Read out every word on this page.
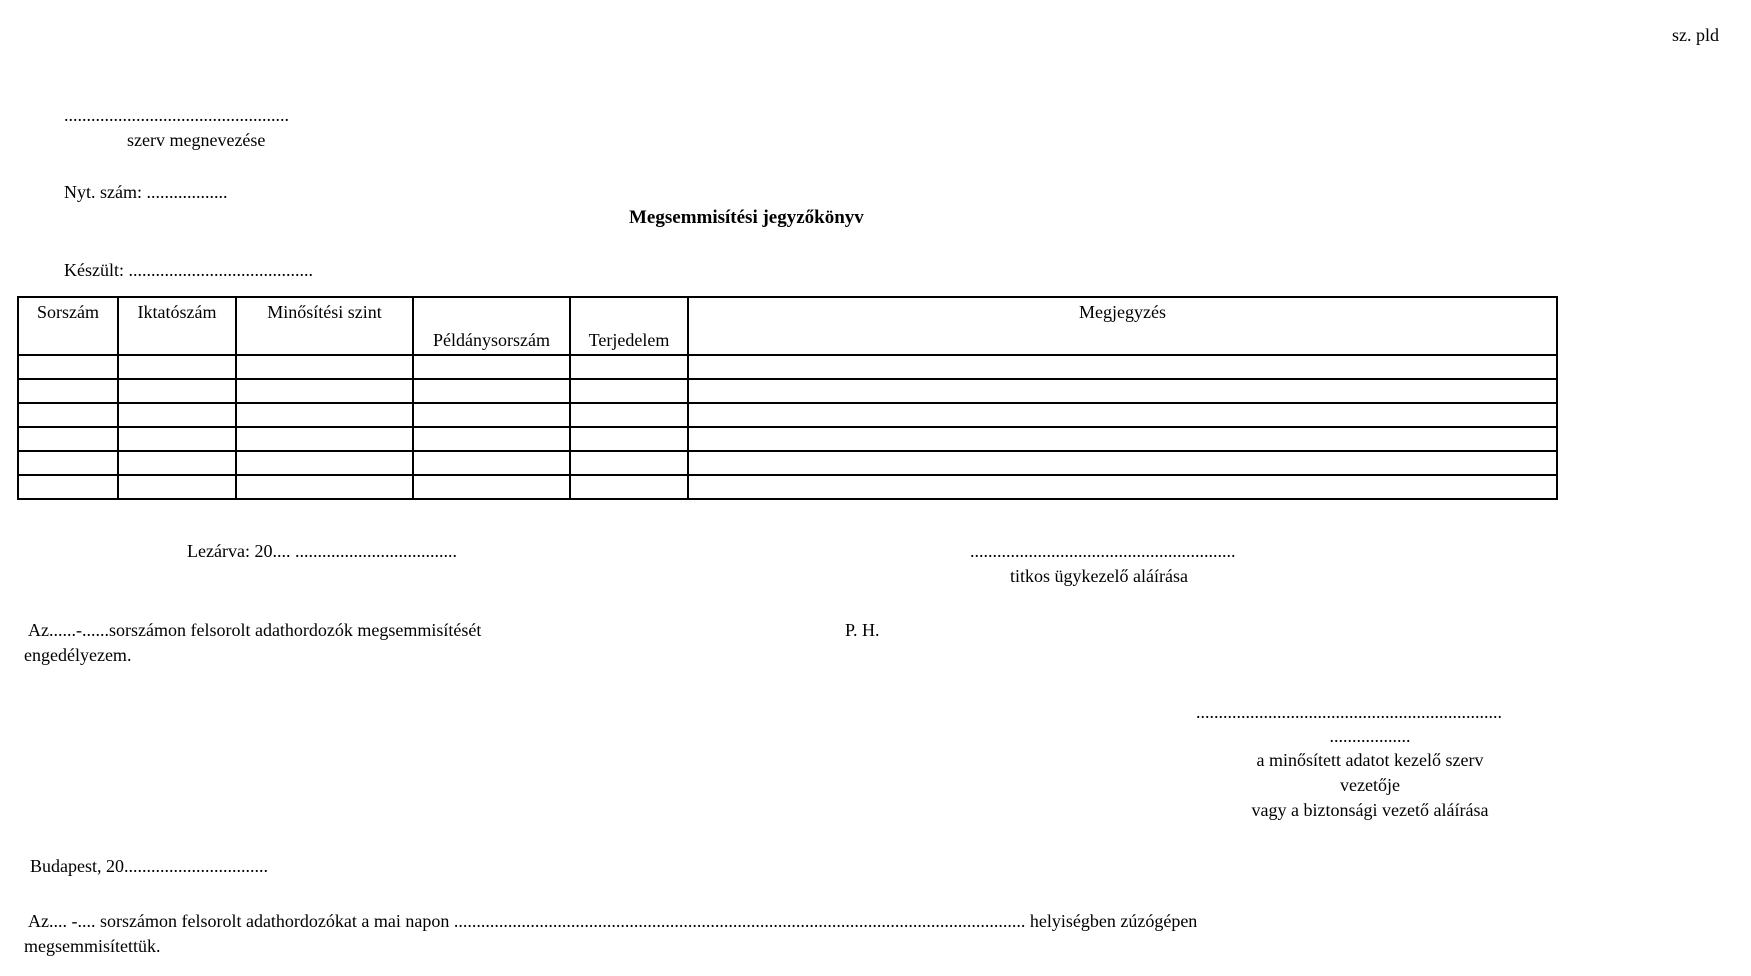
sz. pld
..................................................
szerv megnevezése
Nyt. szám: ..................
Megsemmisítési jegyzőkönyv
Készült: .........................................
Sorszám	Iktatószám	Minősítési szint	Példánysorszám	Terjedelem	Megjegyzés

Lezárva: 20.... ....................................	...........................................................
titkos ügykezelő aláírása
Az......-......sorszámon felsorolt adathordozók megsemmisítését
engedélyezem.
P. H.
....................................................................
..................
a minősített adatot kezelő szerv
vezetője
vagy a biztonsági vezető aláírása
Budapest, 20................................
Az.... -.... sorszámon felsorolt adathordozókat a mai napon ............................................................................................................................... helyiségben zúzógépen
megsemmisítettük.
